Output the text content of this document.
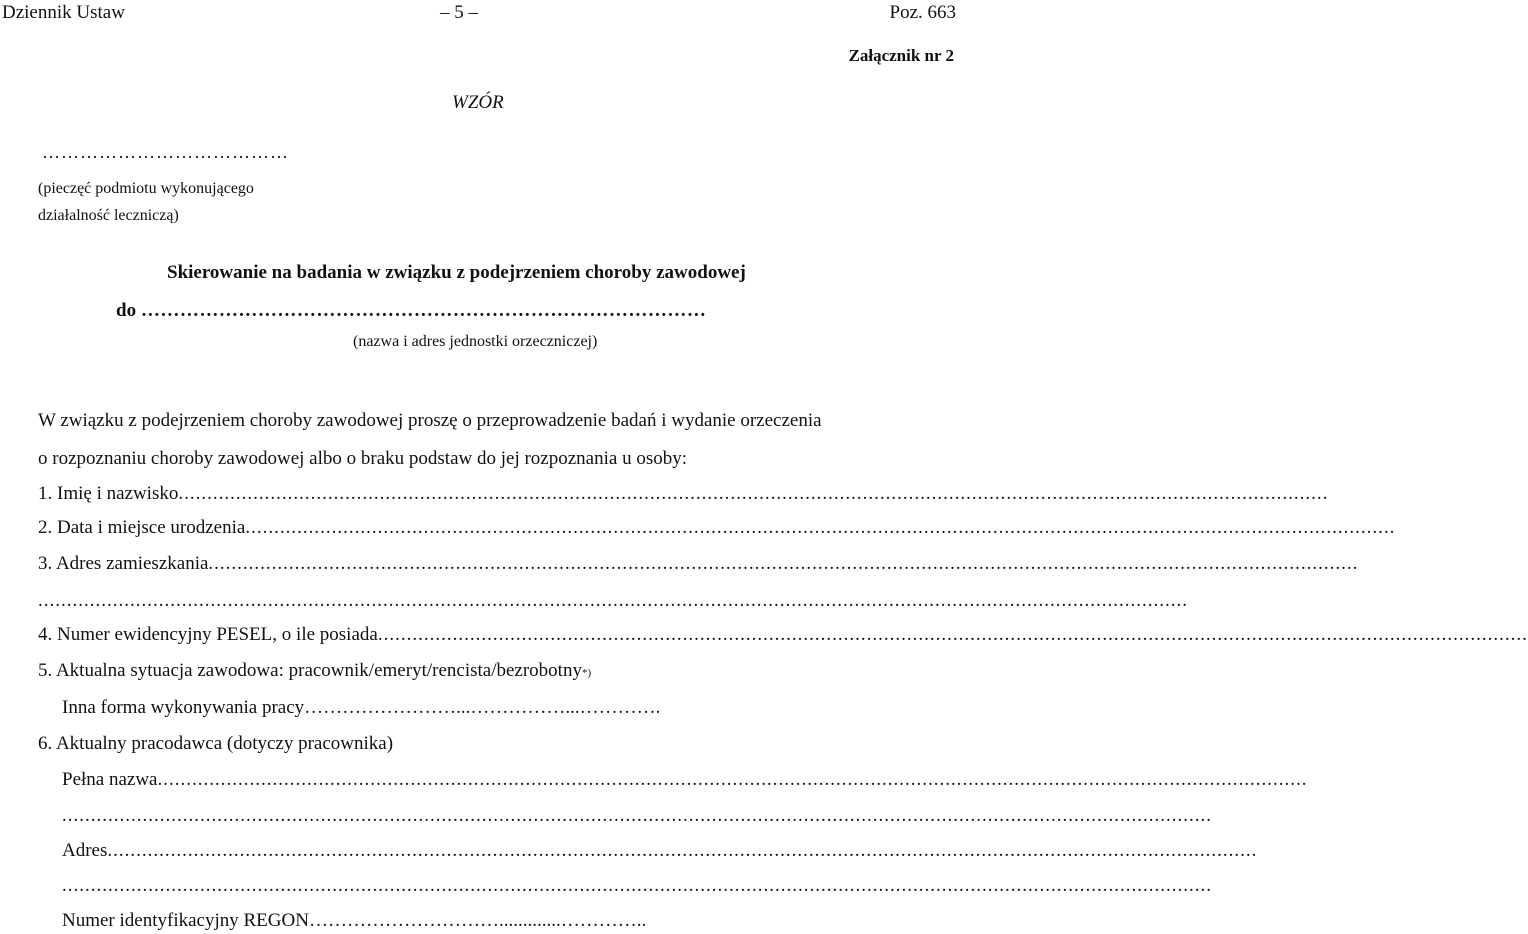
Dziennik Ustaw	– 5 –	Poz. 663
Załącznik nr 2
WZÓR
…………………………………
(pieczęć podmiotu wykonującego
działalność leczniczą)
Skierowanie na badania w związku z podejrzeniem choroby zawodowej
do ……………………………………………………………………………
(nazwa i adres jednostki orzeczniczej)
W związku z podejrzeniem choroby zawodowej proszę o przeprowadzenie badań i wydanie orzeczenia
o rozpoznaniu choroby zawodowej albo o braku podstaw do jej rozpoznania u osoby:
1. Imię i nazwisko ........................................................................................................................................................................................................
2. Data i miejsce urodzenia ........................................................................................................................................................................................................
3. Adres zamieszkania ........................................................................................................................................................................................................
........................................................................................................................................................................................................
4. Numer ewidencyjny PESEL, o ile posiada ........................................................................................................................................................................................................
5. Aktualna sytuacja zawodowa: pracownik/emeryt/rencista/bezrobotny *)
Inna forma wykonywania pracy ……………………...……………...………….
6. Aktualny pracodawca (dotyczy pracownika)
Pełna nazwa ........................................................................................................................................................................................................
........................................................................................................................................................................................................
Adres ........................................................................................................................................................................................................
........................................................................................................................................................................................................
Numer identyfikacyjny REGON ………………………….............…………..
